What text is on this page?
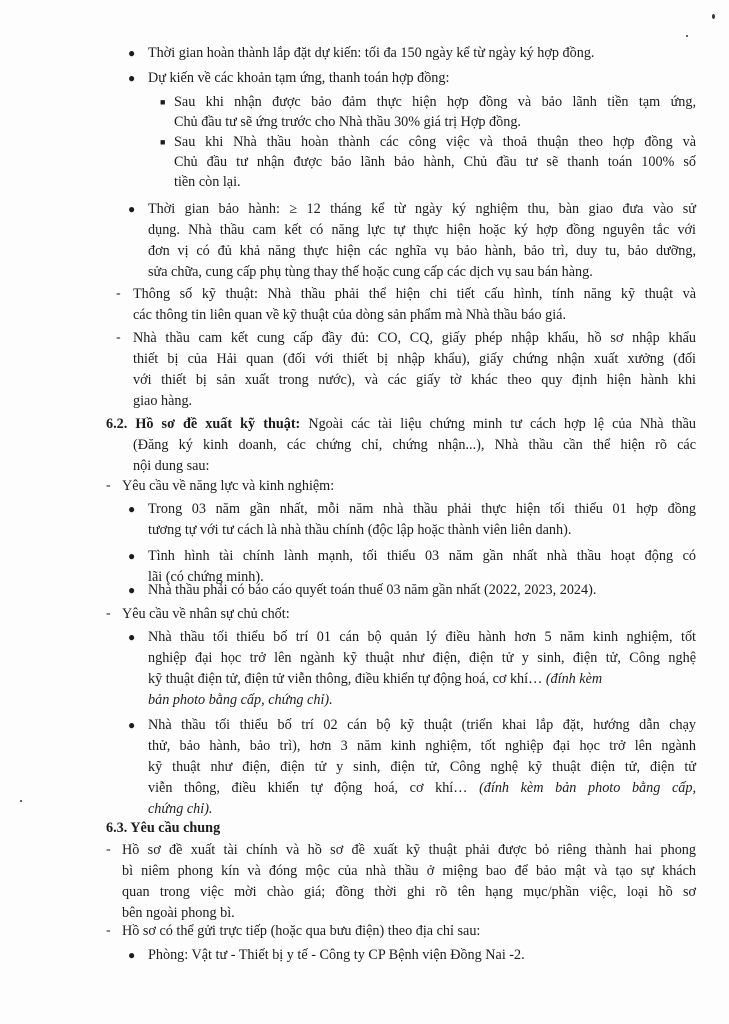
● Thời gian hoàn thành lắp đặt dự kiến: tối đa 150 ngày kể từ ngày ký hợp đồng.
● Dự kiến về các khoản tạm ứng, thanh toán hợp đồng:
■ Sau khi nhận được bảo đảm thực hiện hợp đồng và bảo lãnh tiền tạm ứng,
Chủ đầu tư sẽ ứng trước cho Nhà thầu 30% giá trị Hợp đồng.
■ Sau khi Nhà thầu hoàn thành các công việc và thoả thuận theo hợp đồng và
Chủ đầu tư nhận được bảo lãnh bảo hành, Chủ đầu tư sẽ thanh toán 100% số
tiền còn lại.
● Thời gian bảo hành: ≥ 12 tháng kể từ ngày ký nghiệm thu, bàn giao đưa vào sử
dụng. Nhà thầu cam kết có năng lực tự thực hiện hoặc ký hợp đồng nguyên tắc với
đơn vị có đủ khả năng thực hiện các nghĩa vụ bảo hành, bảo trì, duy tu, bảo dưỡng,
sửa chữa, cung cấp phụ tùng thay thế hoặc cung cấp các dịch vụ sau bán hàng.
- Thông số kỹ thuật: Nhà thầu phải thể hiện chi tiết cấu hình, tính năng kỹ thuật và
các thông tin liên quan về kỹ thuật của dòng sản phẩm mà Nhà thầu báo giá.
- Nhà thầu cam kết cung cấp đầy đủ: CO, CQ, giấy phép nhập khẩu, hồ sơ nhập khẩu
thiết bị của Hải quan (đối với thiết bị nhập khẩu), giấy chứng nhận xuất xưởng (đối
với thiết bị sản xuất trong nước), và các giấy tờ khác theo quy định hiện hành khi
giao hàng.
6.2. Hồ sơ đề xuất kỹ thuật: Ngoài các tài liệu chứng minh tư cách hợp lệ của Nhà thầu
(Đăng ký kinh doanh, các chứng chỉ, chứng nhận...), Nhà thầu cần thể hiện rõ các
nội dung sau:
- Yêu cầu về năng lực và kinh nghiệm:
● Trong 03 năm gần nhất, mỗi năm nhà thầu phải thực hiện tối thiểu 01 hợp đồng
tương tự với tư cách là nhà thầu chính (độc lập hoặc thành viên liên danh).
● Tình hình tài chính lành mạnh, tối thiểu 03 năm gần nhất nhà thầu hoạt động có
lãi (có chứng minh).
● Nhà thầu phải có báo cáo quyết toán thuế 03 năm gần nhất (2022, 2023, 2024).
- Yêu cầu về nhân sự chủ chốt:
● Nhà thầu tối thiểu bố trí 01 cán bộ quản lý điều hành hơn 5 năm kinh nghiệm, tốt
nghiệp đại học trở lên ngành kỹ thuật như điện, điện tử y sinh, điện tử, Công nghệ
kỹ thuật điện tử, điện tử viễn thông, điều khiển tự động hoá, cơ khí… (đính kèm
bản photo bằng cấp, chứng chỉ).
● Nhà thầu tối thiểu bố trí 02 cán bộ kỹ thuật (triển khai lắp đặt, hướng dẫn chạy
thử, bảo hành, bảo trì), hơn 3 năm kinh nghiệm, tốt nghiệp đại học trở lên ngành
kỹ thuật như điện, điện tử y sinh, điện tử, Công nghệ kỹ thuật điện tử, điện tử
viễn thông, điều khiển tự động hoá, cơ khí… (đính kèm bản photo bằng cấp,
chứng chỉ).
6.3. Yêu cầu chung
- Hồ sơ đề xuất tài chính và hồ sơ đề xuất kỹ thuật phải được bỏ riêng thành hai phong
bì niêm phong kín và đóng mộc của nhà thầu ở miệng bao để bảo mật và tạo sự khách
quan trong việc mời chào giá; đồng thời ghi rõ tên hạng mục/phần việc, loại hồ sơ
bên ngoài phong bì.
- Hồ sơ có thể gửi trực tiếp (hoặc qua bưu điện) theo địa chỉ sau:
● Phòng: Vật tư - Thiết bị y tế - Công ty CP Bệnh viện Đồng Nai -2.
